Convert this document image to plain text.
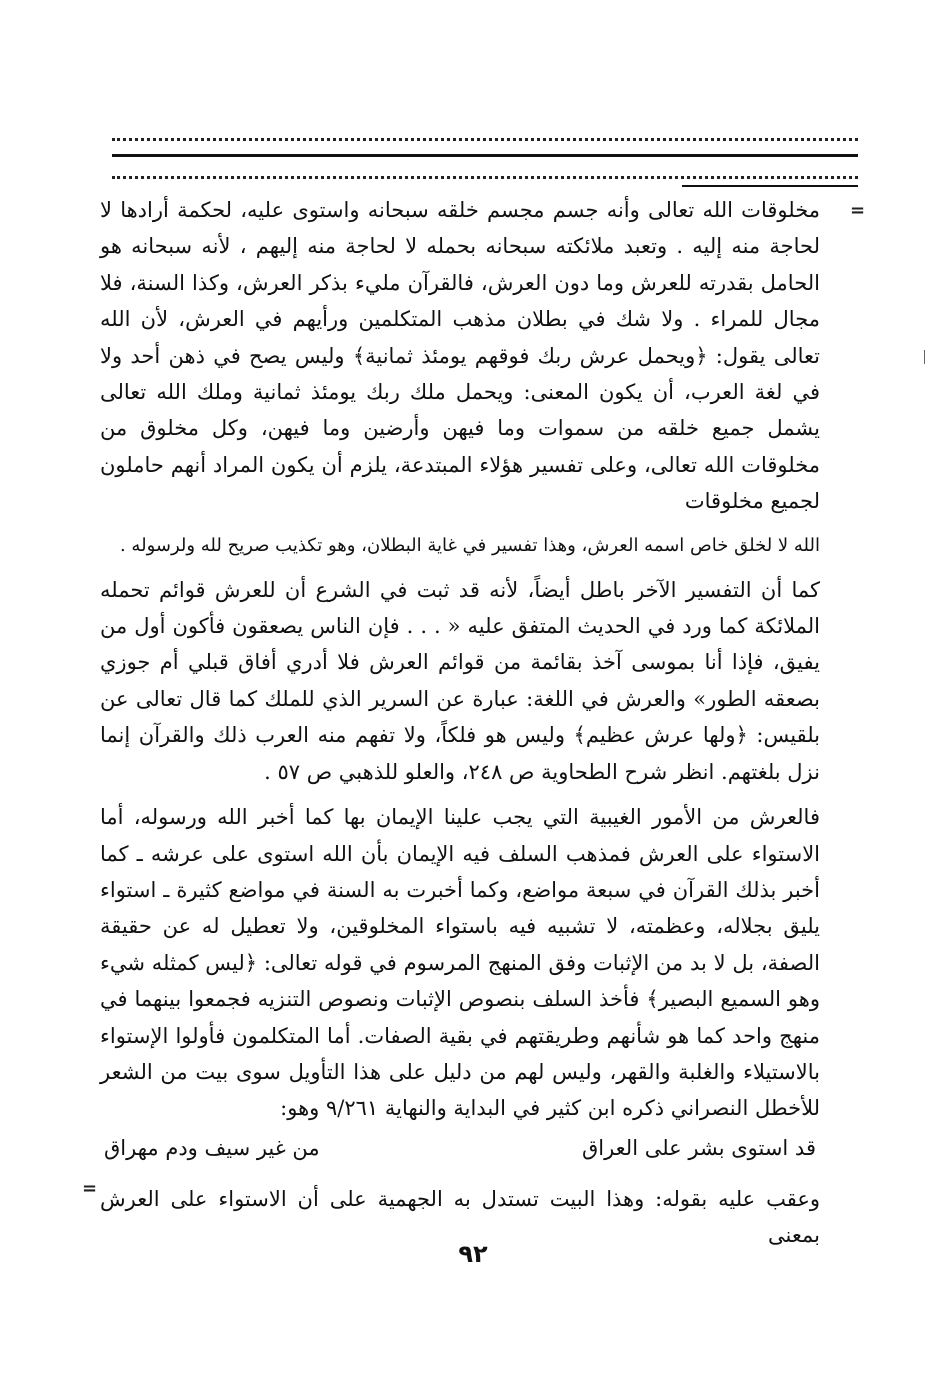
=

مخلوقات الله تعالى وأنه جسم مجسم خلقه سبحانه واستوى عليه، لحكمة أرادها لا لحاجة منه إليه . وتعبد ملائكته سبحانه بحمله لا لحاجة منه إليهم ، لأنه سبحانه هو الحامل بقدرته للعرش وما دون العرش، فالقرآن مليء بذكر العرش، وكذا السنة، فلا مجال للمراء . ولا شك في بطلان مذهب المتكلمين ورأيهم في العرش، لأن الله تعالى يقول: ﴿ويحمل عرش ربك فوقهم يومئذ ثمانية﴾ وليس يصح في ذهن أحد ولا في لغة العرب، أن يكون المعنى: ويحمل ملك ربك يومئذ ثمانية وملك الله تعالى يشمل جميع خلقه من سموات وما فيهن وأرضين وما فيهن، وكل مخلوق من مخلوقات الله تعالى، وعلى تفسير هؤلاء المبتدعة، يلزم أن يكون المراد أنهم حاملون لجميع مخلوقات

الله لا لخلق خاص اسمه العرش، وهذا تفسير في غاية البطلان، وهو تكذيب صريح لله ولرسوله .

كما أن التفسير الآخر باطل أيضاً، لأنه قد ثبت في الشرع أن للعرش قوائم تحمله الملائكة كما ورد في الحديث المتفق عليه « . . . فإن الناس يصعقون فأكون أول من يفيق، فإذا أنا بموسى آخذ بقائمة من قوائم العرش فلا أدري أفاق قبلي أم جوزي بصعقه الطور» والعرش في اللغة: عبارة عن السرير الذي للملك كما قال تعالى عن بلقيس: ﴿ولها عرش عظيم﴾ وليس هو فلكاً، ولا تفهم منه العرب ذلك والقرآن إنما نزل بلغتهم. انظر شرح الطحاوية ص ٢٤٨، والعلو للذهبي ص ٥٧ .

فالعرش من الأمور الغيبية التي يجب علينا الإيمان بها كما أخبر الله ورسوله، أما الاستواء على العرش فمذهب السلف فيه الإيمان بأن الله استوى على عرشه ـ كما أخبر بذلك القرآن في سبعة مواضع، وكما أخبرت به السنة في مواضع كثيرة ـ استواء يليق بجلاله، وعظمته، لا تشبيه فيه باستواء المخلوقين، ولا تعطيل له عن حقيقة الصفة، بل لا بد من الإثبات وفق المنهج المرسوم في قوله تعالى: ﴿ليس كمثله شيء وهو السميع البصير﴾ فأخذ السلف بنصوص الإثبات ونصوص التنزيه فجمعوا بينهما في منهج واحد كما هو شأنهم وطريقتهم في بقية الصفات. أما المتكلمون فأولوا الإستواء بالاستيلاء والغلبة والقهر، وليس لهم من دليل على هذا التأويل سوى بيت من الشعر للأخطل النصراني ذكره ابن كثير في البداية والنهاية ٩/٢٦١ وهو:

قد استوى بشر على العراق
من غير سيف ودم مهراق

وعقب عليه بقوله: وهذا البيت تستدل به الجهمية على أن الاستواء على العرش بمعنى

=
٩٢
